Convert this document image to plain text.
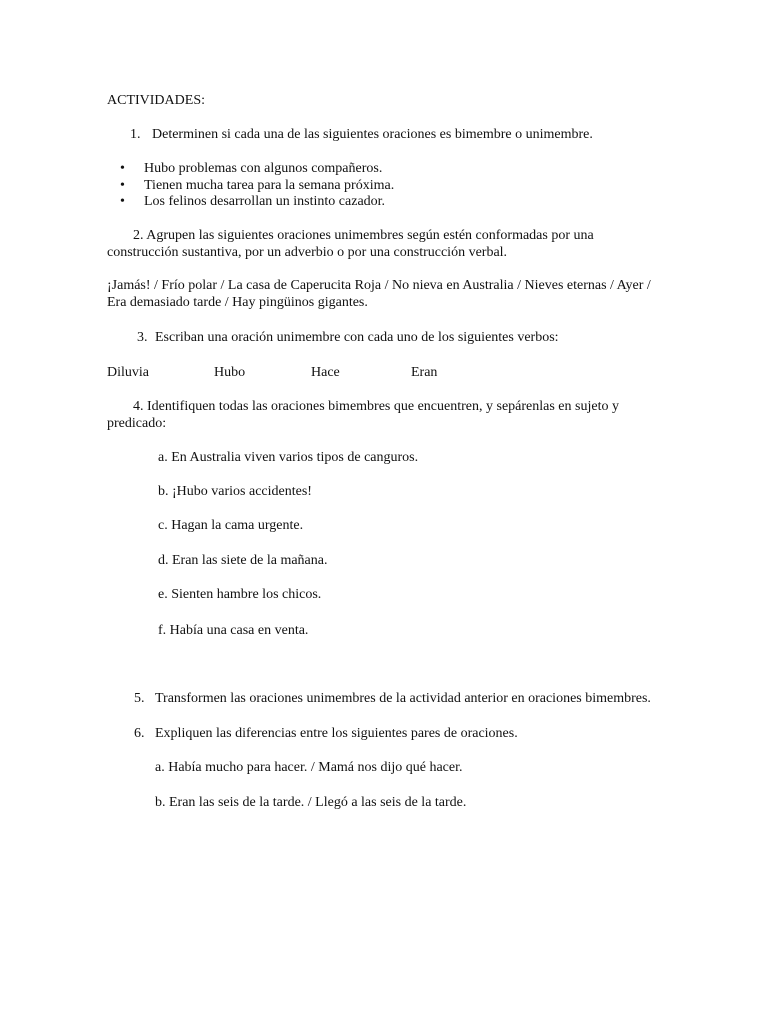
ACTIVIDADES:
1. Determinen si cada una de las siguientes oraciones es bimembre o unimembre.
• Hubo problemas con algunos compañeros.
• Tienen mucha tarea para la semana próxima.
• Los felinos desarrollan un instinto cazador.
2. Agrupen las siguientes oraciones unimembres según estén conformadas por una
construcción sustantiva, por un adverbio o por una construcción verbal.
¡Jamás! / Frío polar / La casa de Caperucita Roja / No nieva en Australia / Nieves eternas / Ayer /
Era demasiado tarde / Hay pingüinos gigantes.
3. Escriban una oración unimembre con cada uno de los siguientes verbos:
Diluvia	Hubo	Hace	Eran
4. Identifiquen todas las oraciones bimembres que encuentren, y sepárenlas en sujeto y
predicado:
a. En Australia viven varios tipos de canguros.
b. ¡Hubo varios accidentes!
c. Hagan la cama urgente.
d. Eran las siete de la mañana.
e. Sienten hambre los chicos.
f. Había una casa en venta.
5. Transformen las oraciones unimembres de la actividad anterior en oraciones bimembres.
6. Expliquen las diferencias entre los siguientes pares de oraciones.
a. Había mucho para hacer. / Mamá nos dijo qué hacer.
b. Eran las seis de la tarde. / Llegó a las seis de la tarde.
